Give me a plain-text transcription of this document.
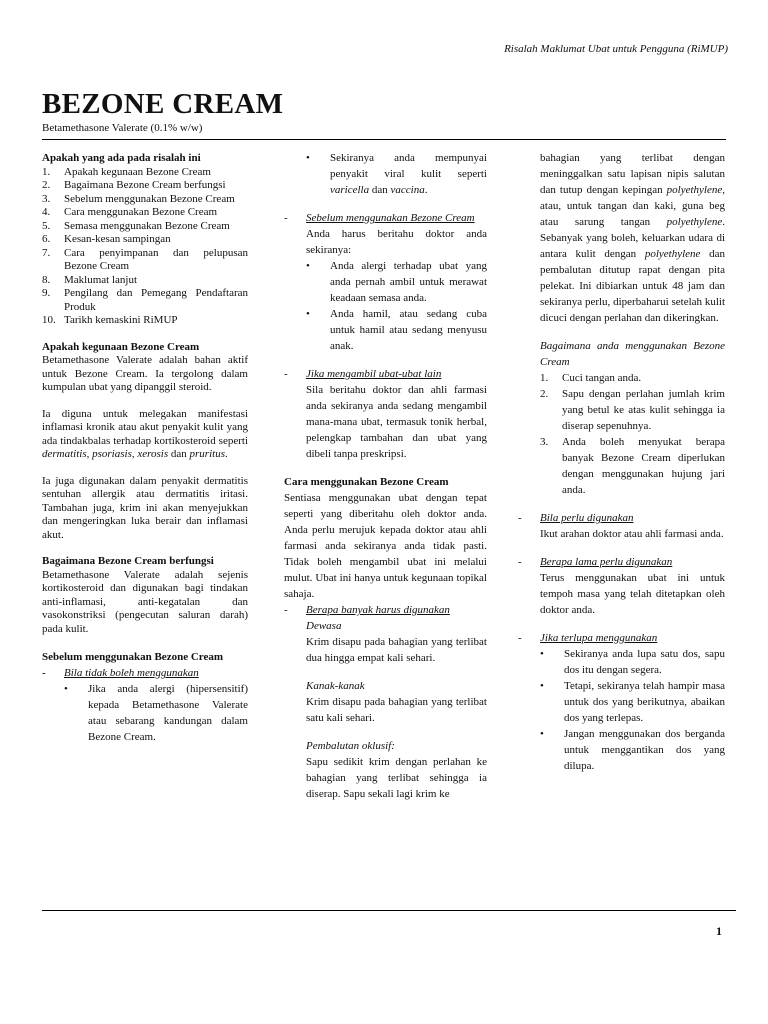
Risalah Maklumat Ubat untuk Pengguna (RiMUP)
BEZONE CREAM
Betamethasone Valerate (0.1% w/w)
Apakah yang ada pada risalah ini
1.	Apakah kegunaan Bezone Cream
2.	Bagaimana Bezone Cream berfungsi
3.	Sebelum menggunakan Bezone Cream
4.	Cara menggunakan Bezone Cream
5.	Semasa menggunakan Bezone Cream
6.	Kesan-kesan sampingan
7.	Cara penyimpanan dan pelupusan Bezone Cream
8.	Maklumat lanjut
9.	Pengilang dan Pemegang Pendaftaran Produk
10. Tarikh kemaskini RiMUP
Apakah kegunaan Bezone Cream
Betamethasone Valerate adalah bahan aktif untuk Bezone Cream. Ia tergolong dalam kumpulan ubat yang dipanggil steroid.
Ia diguna untuk melegakan manifestasi inflamasi kronik atau akut penyakit kulit yang ada tindakbalas terhadap kortikosteroid seperti dermatitis, psoriasis, xerosis dan pruritus.
Ia juga digunakan dalam penyakit dermatitis sentuhan allergik atau dermatitis iritasi. Tambahan juga, krim ini akan menyejukkan dan mengeringkan luka berair dan inflamasi akut.
Bagaimana Bezone Cream berfungsi
Betamethasone Valerate adalah sejenis kortikosteroid dan digunakan bagi tindakan anti-inflamasi, anti-kegatalan dan vasokonstriksi (pengecutan saluran darah) pada kulit.
Sebelum menggunakan Bezone Cream
-	Bila tidak boleh menggunakan
•	Jika anda alergi (hipersensitif) kepada Betamethasone Valerate atau sebarang kandungan dalam Bezone Cream.
•	Sekiranya anda mempunyai penyakit viral kulit seperti varicella dan vaccina.
-	Sebelum menggunakan Bezone Cream
Anda harus beritahu doktor anda sekiranya:
•	Anda alergi terhadap ubat yang anda pernah ambil untuk merawat keadaan semasa anda.
•	Anda hamil, atau sedang cuba untuk hamil atau sedang menyusu anak.
-	Jika mengambil ubat-ubat lain
Sila beritahu doktor dan ahli farmasi anda sekiranya anda sedang mengambil mana-mana ubat, termasuk tonik herbal, pelengkap tambahan dan ubat yang dibeli tanpa preskripsi.
Cara menggunakan Bezone Cream
Sentiasa menggunakan ubat dengan tepat seperti yang diberitahu oleh doktor anda. Anda perlu merujuk kepada doktor atau ahli farmasi anda sekiranya anda tidak pasti. Tidak boleh mengambil ubat ini melalui mulut. Ubat ini hanya untuk kegunaan topikal sahaja.
-	Berapa banyak harus digunakan
Dewasa
Krim disapu pada bahagian yang terlibat dua hingga empat kali sehari.
Kanak-kanak
Krim disapu pada bahagian yang terlibat satu kali sehari.
Pembalutan oklusif:
Sapu sedikit krim dengan perlahan ke bahagian yang terlibat sehingga ia diserap. Sapu sekali lagi krim ke
bahagian yang terlibat dengan meninggalkan satu lapisan nipis salutan dan tutup dengan kepingan polyethylene, atau, untuk tangan dan kaki, guna beg atau sarung tangan polyethylene. Sebanyak yang boleh, keluarkan udara di antara kulit dengan polyethylene dan pembalutan ditutup rapat dengan pita pelekat. Ini dibiarkan untuk 48 jam dan sekiranya perlu, diperbaharui setelah kulit dicuci dengan perlahan dan dikeringkan.
Bagaimana anda menggunakan Bezone Cream
1.	Cuci tangan anda.
2.	Sapu dengan perlahan jumlah krim yang betul ke atas kulit sehingga ia diserap sepenuhnya.
3.	Anda boleh menyukat berapa banyak Bezone Cream diperlukan dengan menggunakan hujung jari anda.
-	Bila perlu digunakan
Ikut arahan doktor atau ahli farmasi anda.
-	Berapa lama perlu digunakan
Terus menggunakan ubat ini untuk tempoh masa yang telah ditetapkan oleh doktor anda.
-	Jika terlupa menggunakan
•	Sekiranya anda lupa satu dos, sapu dos itu dengan segera.
•	Tetapi, sekiranya telah hampir masa untuk dos yang berikutnya, abaikan dos yang terlepas.
•	Jangan menggunakan dos berganda untuk menggantikan dos yang dilupa.
1
